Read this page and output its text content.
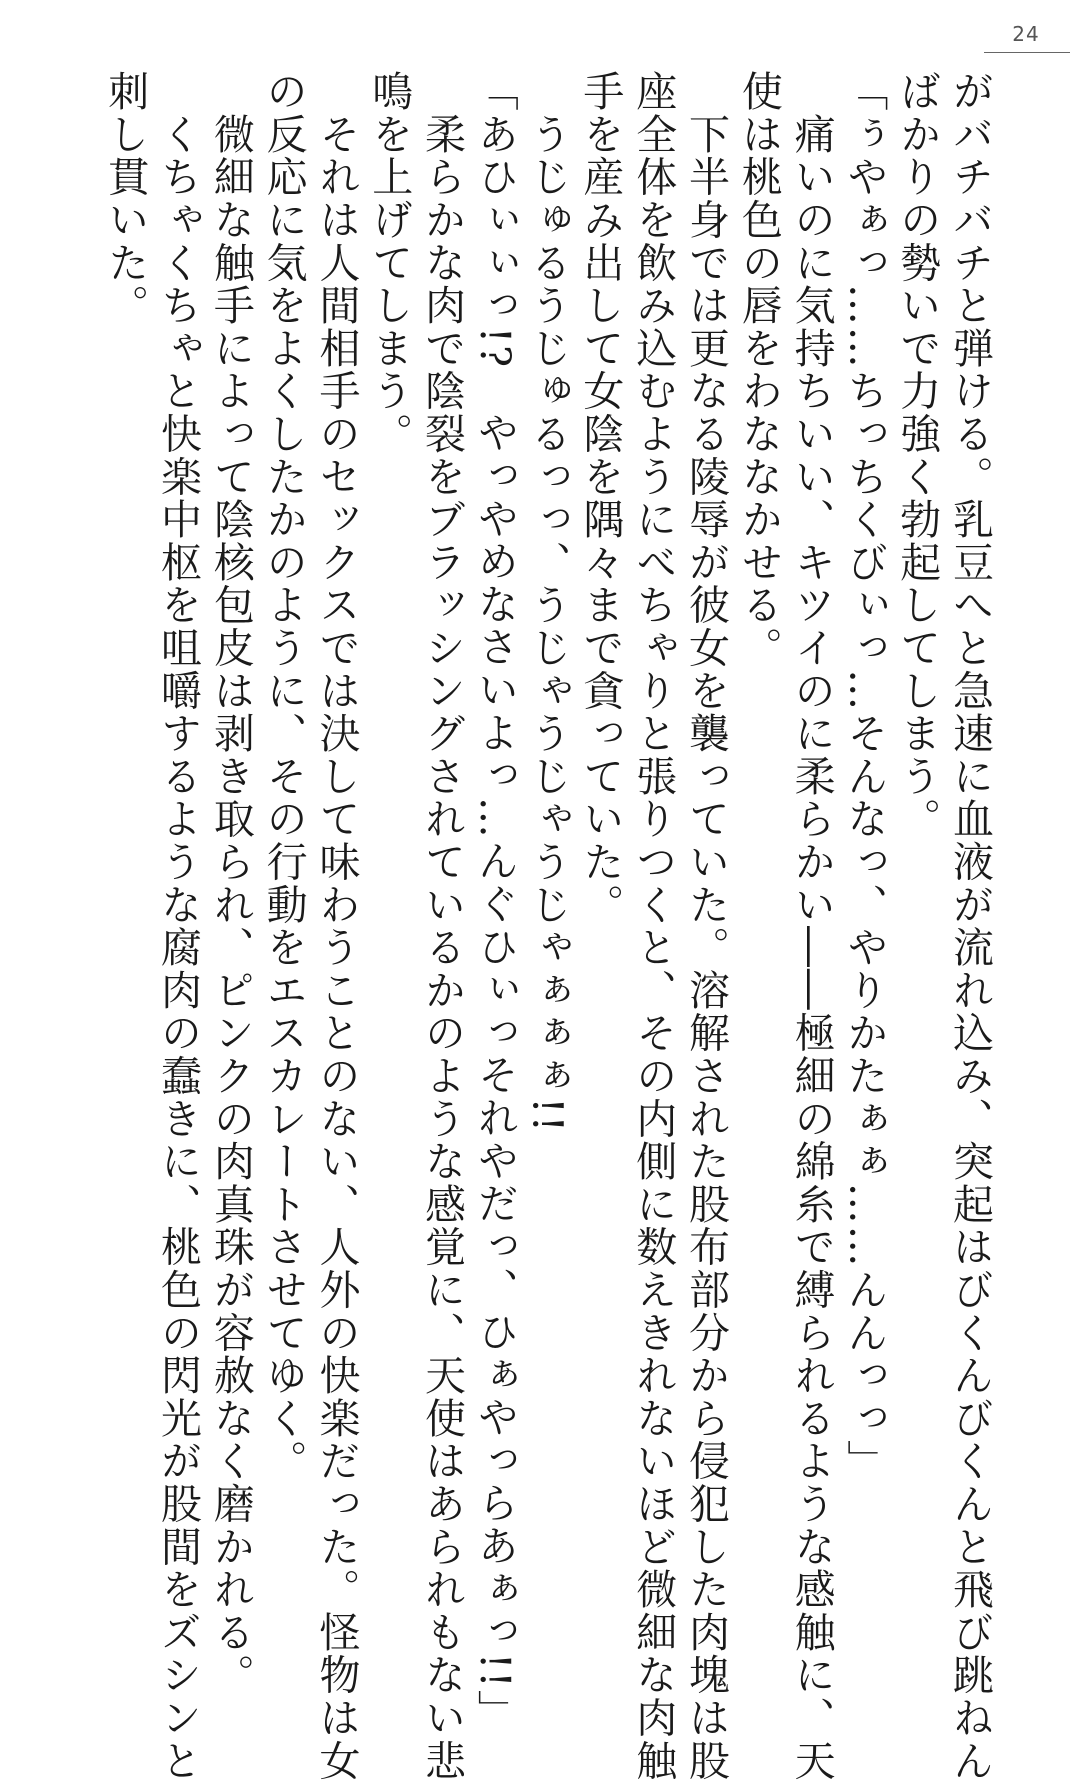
24
がバチバチと弾ける。乳豆へと急速に血液が流れ込み、突起はびくんびくんと飛び跳ねん
ばかりの勢いで力強く勃起してしまう。
「ぅやぁっ……ちっちくびぃっ…そんなっ、やりかたぁぁ……んんっっ」
　痛いのに気持ちいい、キツイのに柔らかい――極細の綿糸で縛られるような感触に、天
使は桃色の唇をわななかせる。
　下半身では更なる陵辱が彼女を襲っていた。溶解された股布部分から侵犯した肉塊は股
座全体を飲み込むようにべちゃりと張りつくと、その内側に数えきれないほど微細な肉触
手を産み出して女陰を隅々まで貪っていた。
　うじゅるうじゅるっっ、うじゃうじゃうじゃぁぁぁ!!
「あひぃぃっ!?　やっやめなさいよっ…んぐひぃっそれやだっ、ひぁやっらあぁっ!!」
　柔らかな肉で陰裂をブラッシングされているかのような感覚に、天使はあられもない悲
鳴を上げてしまう。
　それは人間相手のセックスでは決して味わうことのない、人外の快楽だった。怪物は女
の反応に気をよくしたかのように、その行動をエスカレートさせてゆく。
　微細な触手によって陰核包皮は剥き取られ、ピンクの肉真珠が容赦なく磨かれる。
　くちゃくちゃと快楽中枢を咀嚼するような腐肉の蠢きに、桃色の閃光が股間をズシンと
刺し貫いた。
